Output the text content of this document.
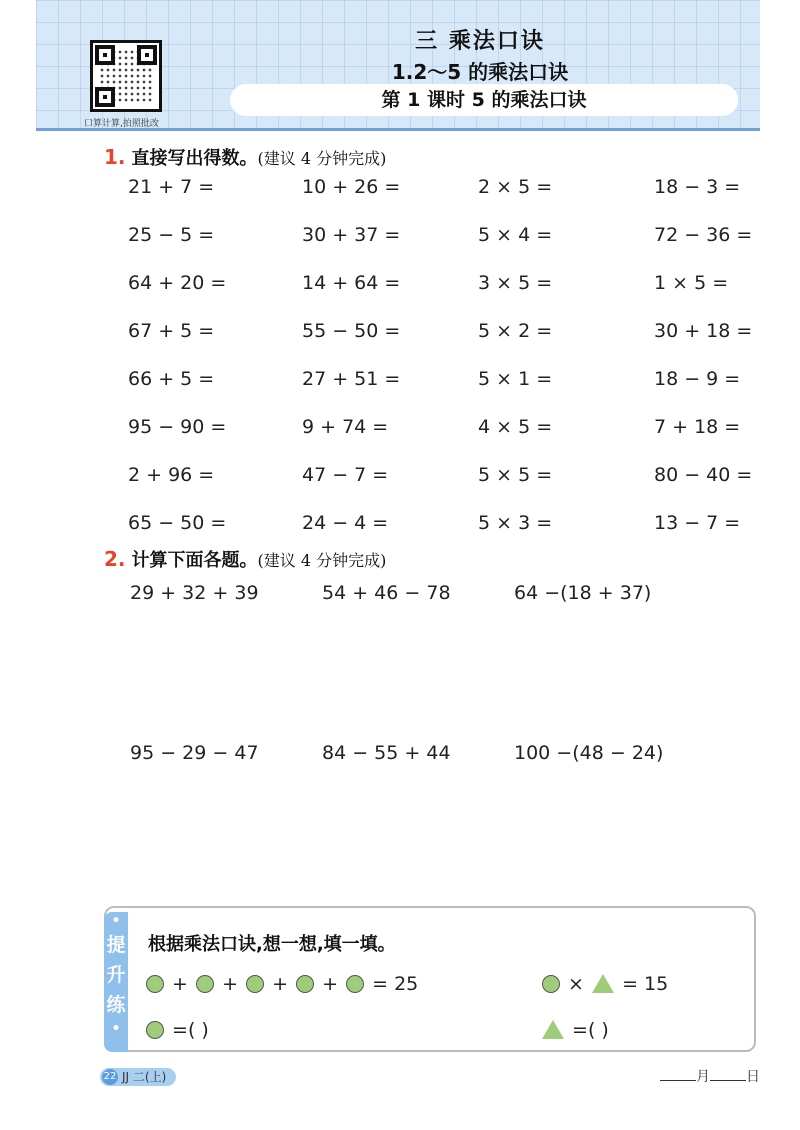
口算计算,拍照批改
三 乘法口诀
1.2～5 的乘法口诀
第 1 课时 5 的乘法口诀
1. 直接写出得数。(建议 4 分钟完成)
21 + 7 =	10 + 26 =	2 × 5 =	18 − 3 =
25 − 5 =	30 + 37 =	5 × 4 =	72 − 36 =
64 + 20 =	14 + 64 =	3 × 5 =	1 × 5 =
67 + 5 =	55 − 50 =	5 × 2 =	30 + 18 =
66 + 5 =	27 + 51 =	5 × 1 =	18 − 9 =
95 − 90 =	9 + 74 =	4 × 5 =	7 + 18 =
2 + 96 =	47 − 7 =	5 × 5 =	80 − 40 =
65 − 50 =	24 − 4 =	5 × 3 =	13 − 7 =
2. 计算下面各题。(建议 4 分钟完成)
29 + 32 + 39	54 + 46 − 78	64 −(18 + 37)
95 − 29 − 47	84 − 55 + 44	100 −(48 − 24)
•
提
升
练
•
根据乘法口诀,想一想,填一填。
+ + + + = 25	× = 15
=( )	=( )
22 JJ 二(上)	月	日
